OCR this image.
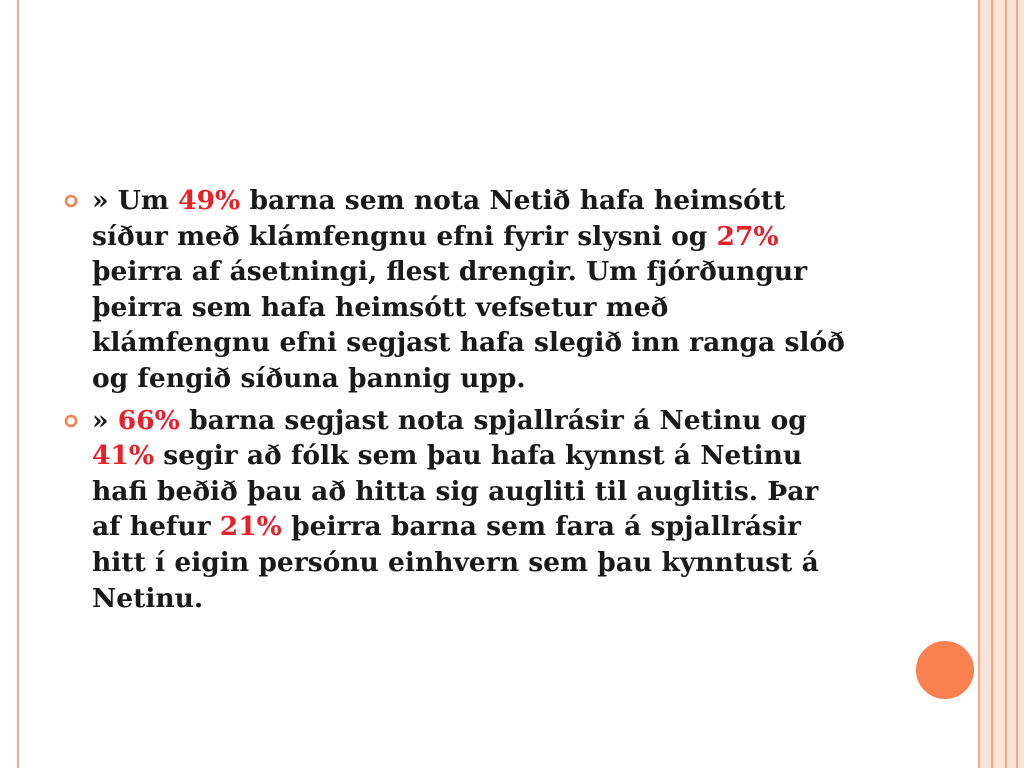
» Um 49% barna sem nota Netið hafa heimsótt síður með klámfengnu efni fyrir slysni og 27% þeirra af ásetningi, flest drengir. Um fjórðungur þeirra sem hafa heimsótt vefsetur með klámfengnu efni segjast hafa slegið inn ranga slóð og fengið síðuna þannig upp.

» 66% barna segjast nota spjallrásir á Netinu og 41% segir að fólk sem þau hafa kynnst á Netinu hafi beðið þau að hitta sig augliti til auglitis. Þar af hefur 21% þeirra barna sem fara á spjallrásir hitt í eigin persónu einhvern sem þau kynntust á Netinu.
